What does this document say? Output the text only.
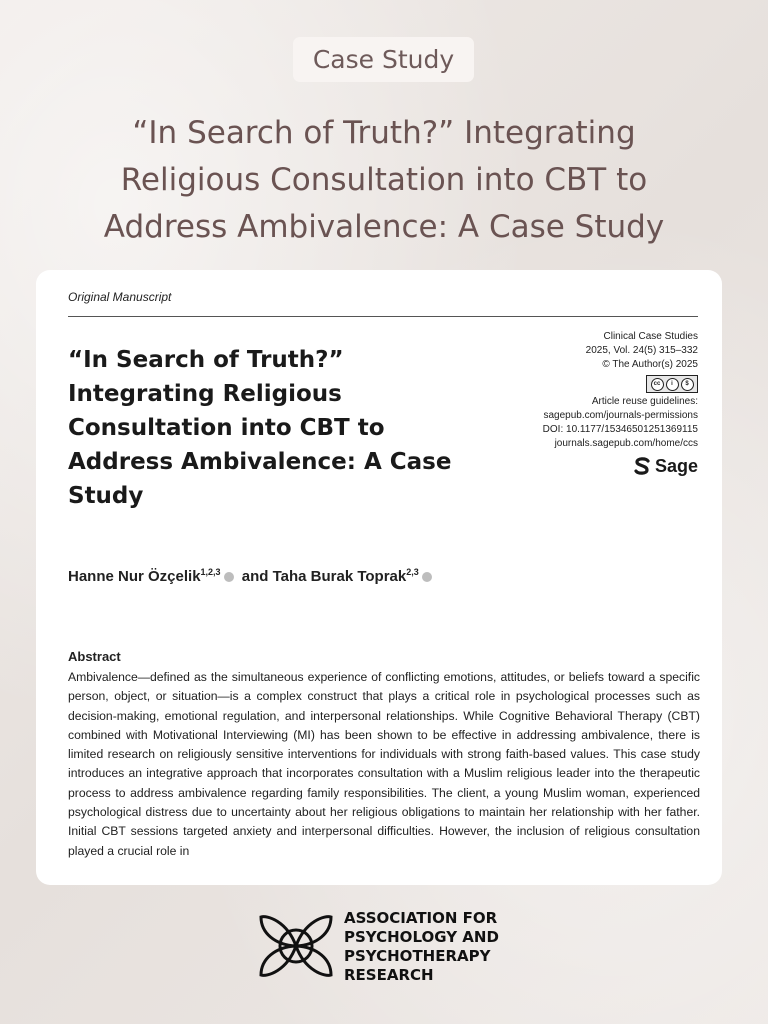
Case Study
“In Search of Truth?” Integrating
Religious Consultation into CBT to
Address Ambivalence: A Case Study
Original Manuscript
“In Search of Truth?”
Integrating Religious
Consultation into CBT to
Address Ambivalence: A Case
Study
Clinical Case Studies
2025, Vol. 24(5) 315–332
© The Author(s) 2025
cc	i	$
Article reuse guidelines:
sagepub.com/journals-permissions
DOI: 10.1177/15346501251369115
journals.sagepub.com/home/ccs
Sage
Hanne Nur Özçelik$^{1,2,3}$ and Taha Burak Toprak$^{2,3}$
Abstract

Ambivalence—defined as the simultaneous experience of conflicting emotions, attitudes, or beliefs toward a specific person, object, or situation—is a complex construct that plays a critical role in psychological processes such as decision-making, emotional regulation, and interpersonal relationships. While Cognitive Behavioral Therapy (CBT) combined with Motivational Interviewing (MI) has been shown to be effective in addressing ambivalence, there is limited research on religiously sensitive interventions for individuals with strong faith-based values. This case study introduces an integrative approach that incorporates consultation with a Muslim religious leader into the therapeutic process to address ambivalence regarding family responsibilities. The client, a young Muslim woman, experienced psychological distress due to uncertainty about her religious obligations to maintain her relationship with her father. Initial CBT sessions targeted anxiety and interpersonal difficulties. However, the inclusion of religious consultation played a crucial role in

ASSOCIATION FOR
PSYCHOLOGY AND
PSYCHOTHERAPY
RESEARCH
